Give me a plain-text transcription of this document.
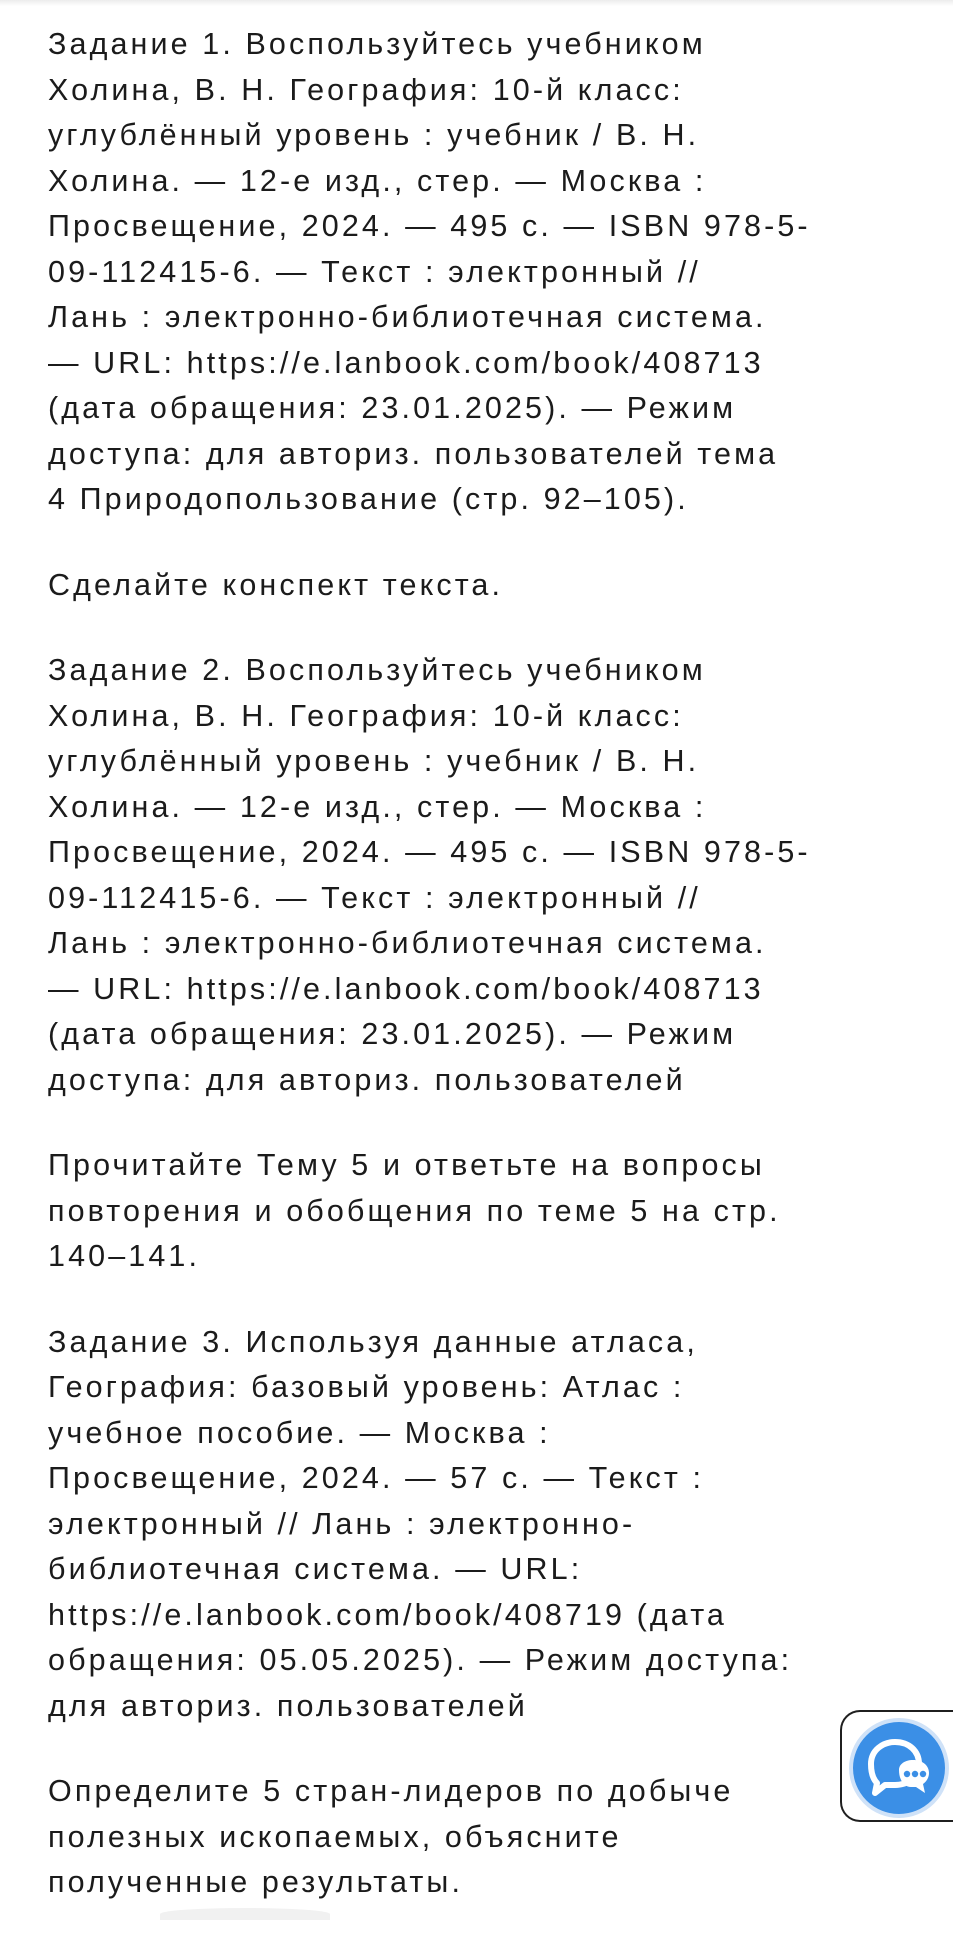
Задание 1. Воспользуйтесь учебником
Холина, В. Н. География: 10-й класс:
углублённый уровень : учебник / В. Н.
Холина. — 12-е изд., стер. — Москва :
Просвещение, 2024. — 495 с. — ISBN 978-5-
09-112415-6. — Текст : электронный //
Лань : электронно-библиотечная система.
— URL: https://e.lanbook.com/book/408713
(дата обращения: 23.01.2025). — Режим
доступа: для авториз. пользователей тема
4 Природопользование (стр. 92–105).

Сделайте конспект текста.

Задание 2. Воспользуйтесь учебником
Холина, В. Н. География: 10-й класс:
углублённый уровень : учебник / В. Н.
Холина. — 12-е изд., стер. — Москва :
Просвещение, 2024. — 495 с. — ISBN 978-5-
09-112415-6. — Текст : электронный //
Лань : электронно-библиотечная система.
— URL: https://e.lanbook.com/book/408713
(дата обращения: 23.01.2025). — Режим
доступа: для авториз. пользователей

Прочитайте Тему 5 и ответьте на вопросы
повторения и обобщения по теме 5 на стр.
140–141.

Задание 3. Используя данные атласа,
География: базовый уровень: Атлас :
учебное пособие. — Москва :
Просвещение, 2024. — 57 с. — Текст :
электронный // Лань : электронно-
библиотечная система. — URL:
https://e.lanbook.com/book/408719 (дата
обращения: 05.05.2025). — Режим доступа:
для авториз. пользователей

Определите 5 стран-лидеров по добыче
полезных ископаемых, объясните
полученные результаты.
